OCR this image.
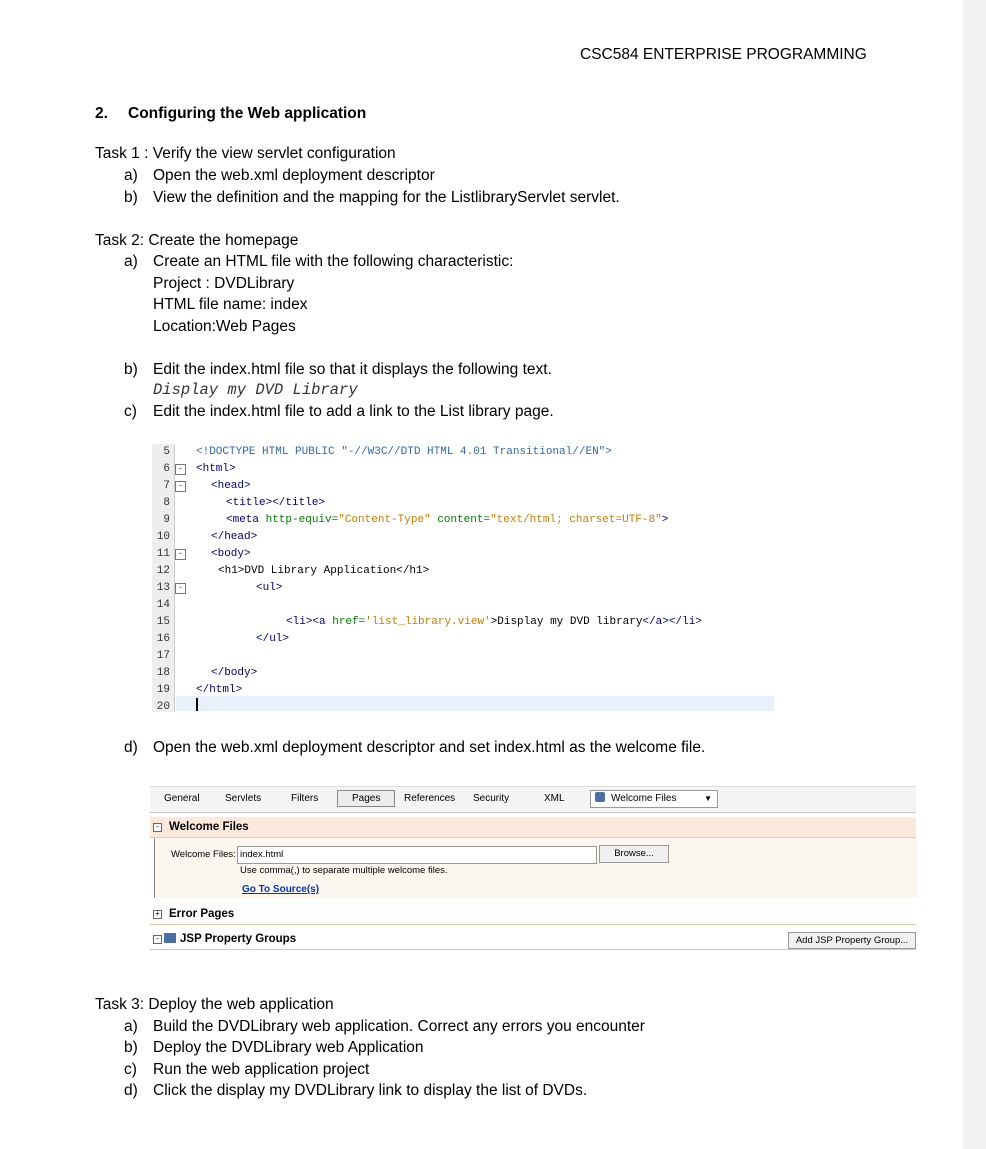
CSC584 ENTERPRISE PROGRAMMING
2. Configuring the Web application
Task 1 : Verify the view servlet configuration
a) Open the web.xml deployment descriptor
b) View the definition and the mapping for the ListlibraryServlet servlet.
Task 2: Create the homepage
a) Create an HTML file with the following characteristic:
Project : DVDLibrary
HTML file name: index
Location:Web Pages
b) Edit the index.html file so that it displays the following text.
Display my DVD Library
c) Edit the index.html file to add a link to the List library page.
5 <!DOCTYPE HTML PUBLIC "-//W3C//DTD HTML 4.01 Transitional//EN">
6 - <html>
7 -	<head>
8	<title></title>
9	<meta http-equiv="Content-Type" content="text/html; charset=UTF-8">
10	</head>
11 -	<body>
12	<h1>DVD Library Application</h1>
13 -	<ul>
14
15	<li><a href='list_library.view'>Display my DVD library</a></li>
16	</ul>
17
18	</body>
19 </html>
20
d) Open the web.xml deployment descriptor and set index.html as the welcome file.
General	Servlets	Filters	Pages	References Security	XML	Welcome Files	▼
- Welcome Files
Welcome Files: index.html	Browse...
Use comma(,) to separate multiple welcome files.
Go To Source(s)
+ Error Pages
- JSP Property Groups	Add JSP Property Group...
Task 3: Deploy the web application
a) Build the DVDLibrary web application. Correct any errors you encounter
b) Deploy the DVDLibrary web Application
c) Run the web application project
d) Click the display my DVDLibrary link to display the list of DVDs.
